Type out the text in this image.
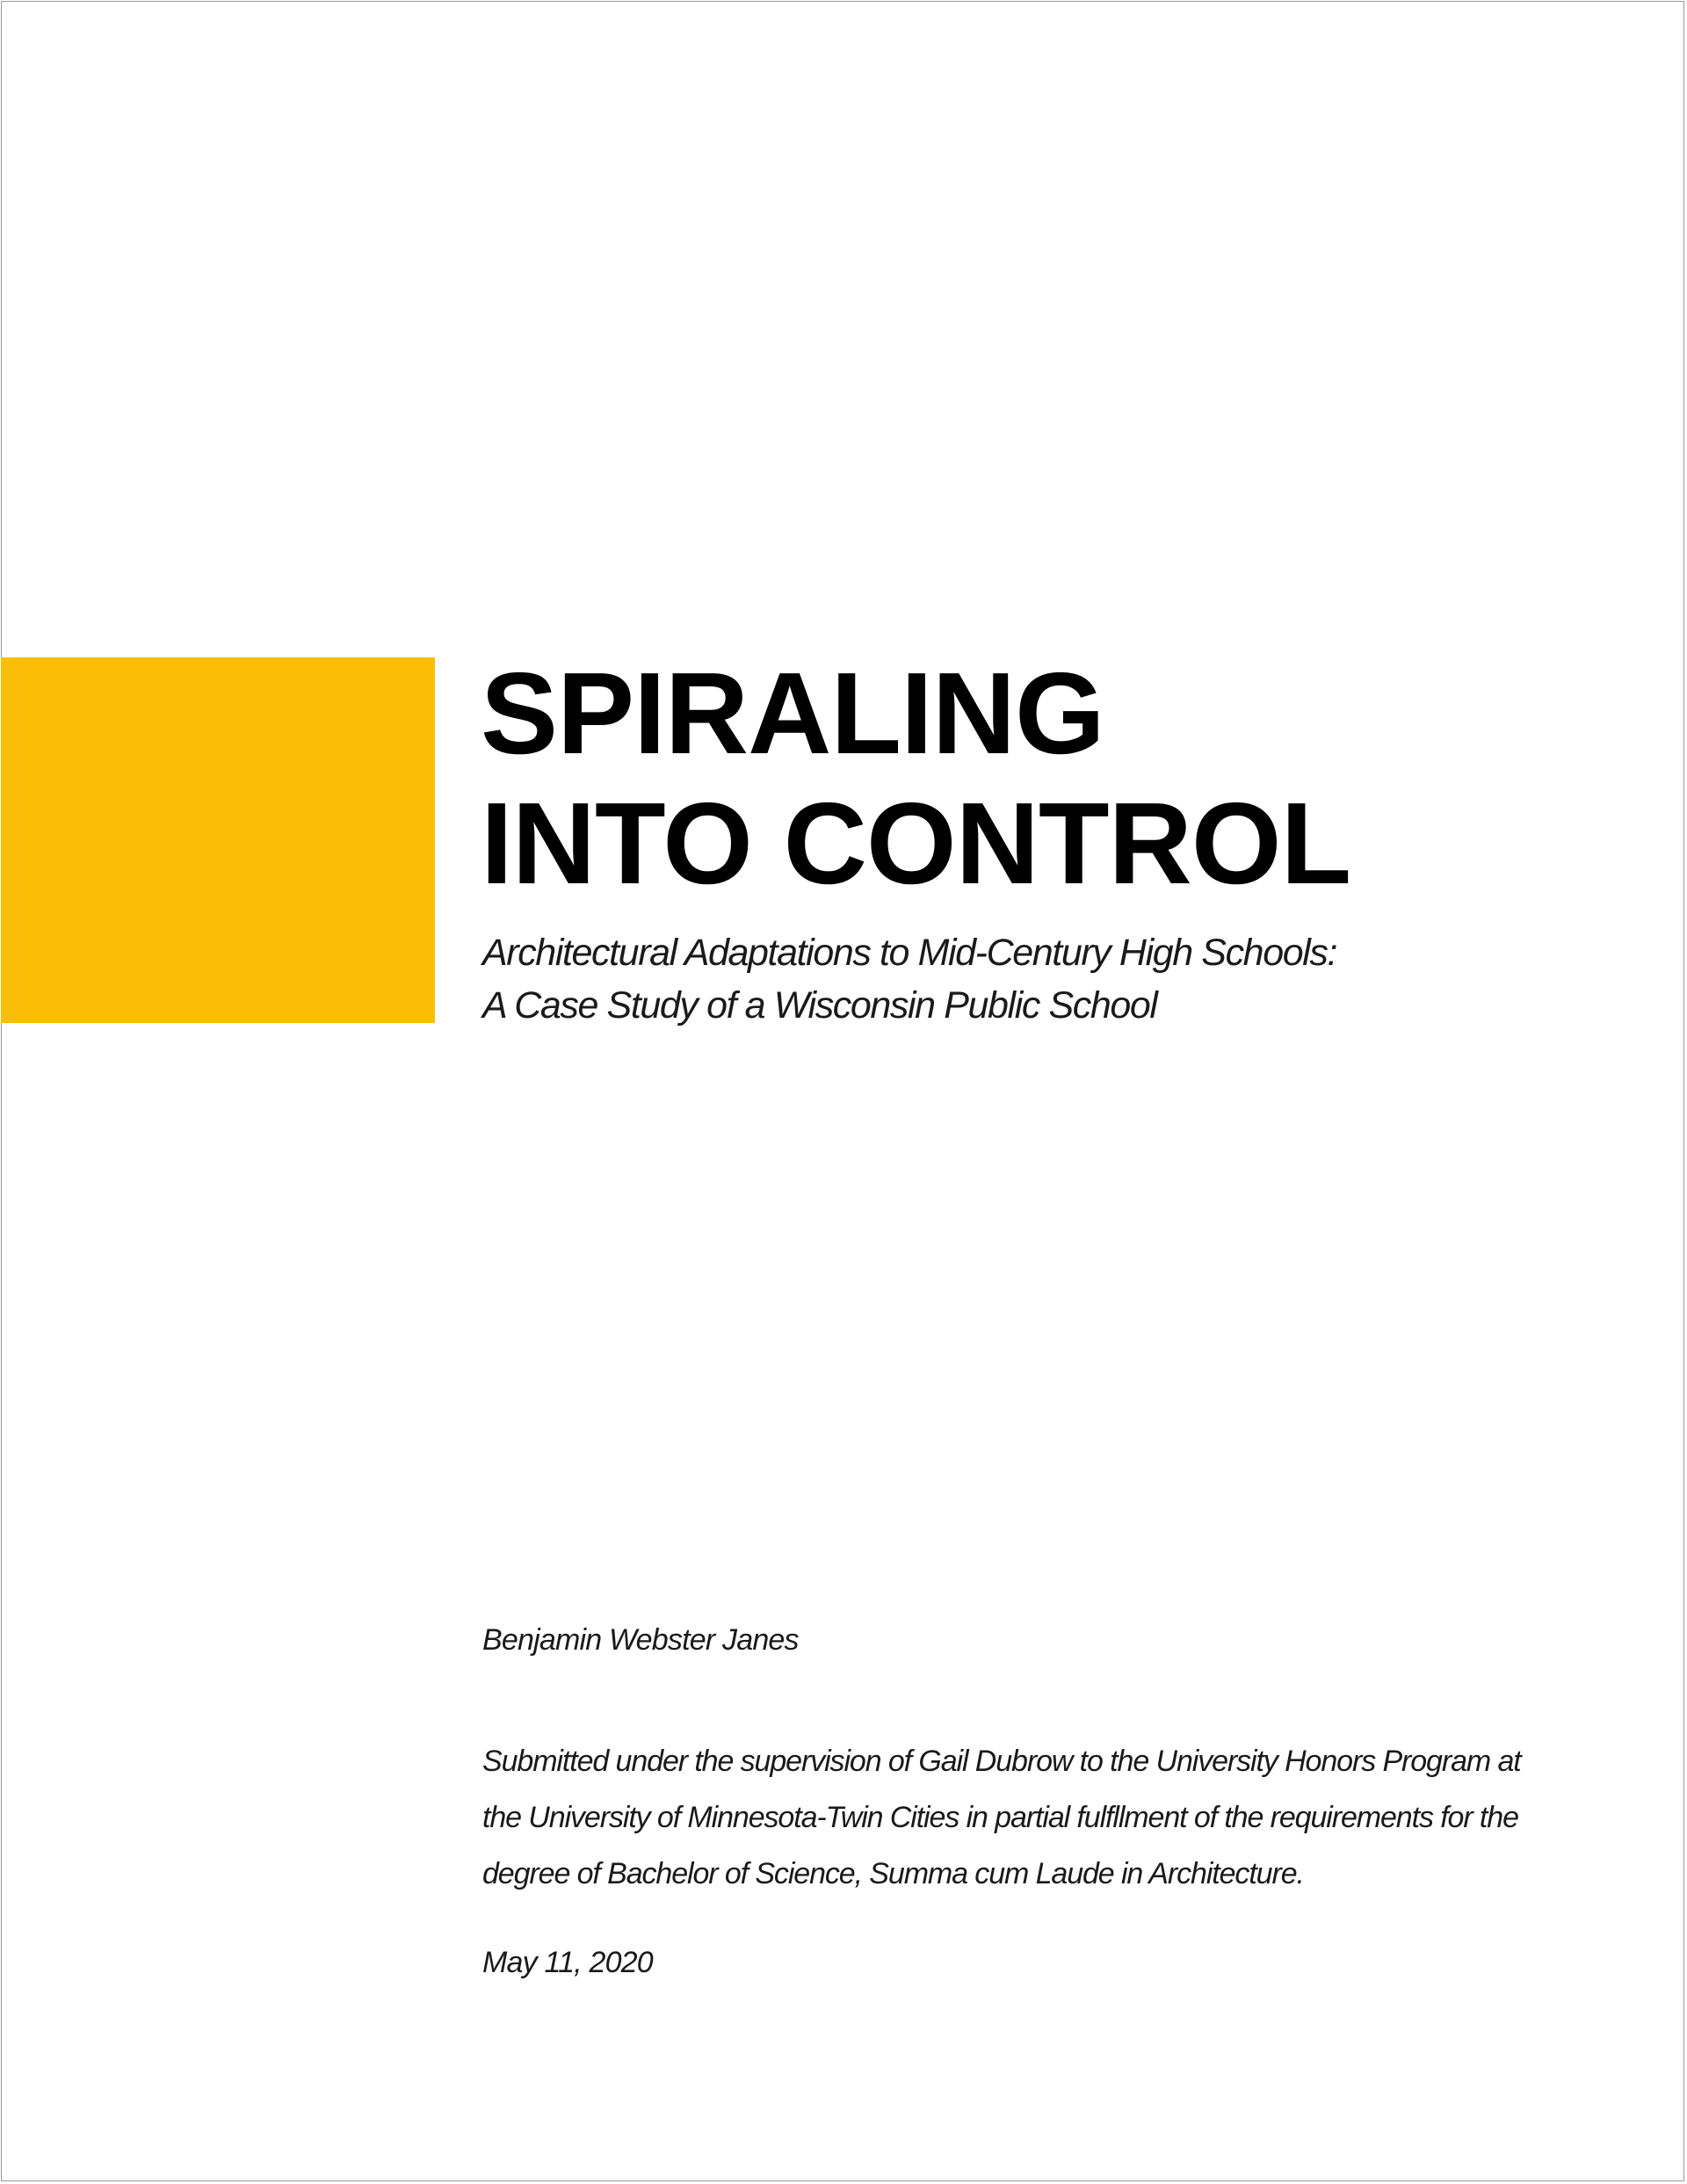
SPIRALING
INTO CONTROL
Architectural Adaptations to Mid-Century High Schools:
A Case Study of a Wisconsin Public School

Benjamin Webster Janes

Submitted under the supervision of Gail Dubrow to the University Honors Program at
the University of Minnesota-Twin Cities in partial fulfllment of the requirements for the
degree of Bachelor of Science, Summa cum Laude in Architecture.

May 11, 2020
